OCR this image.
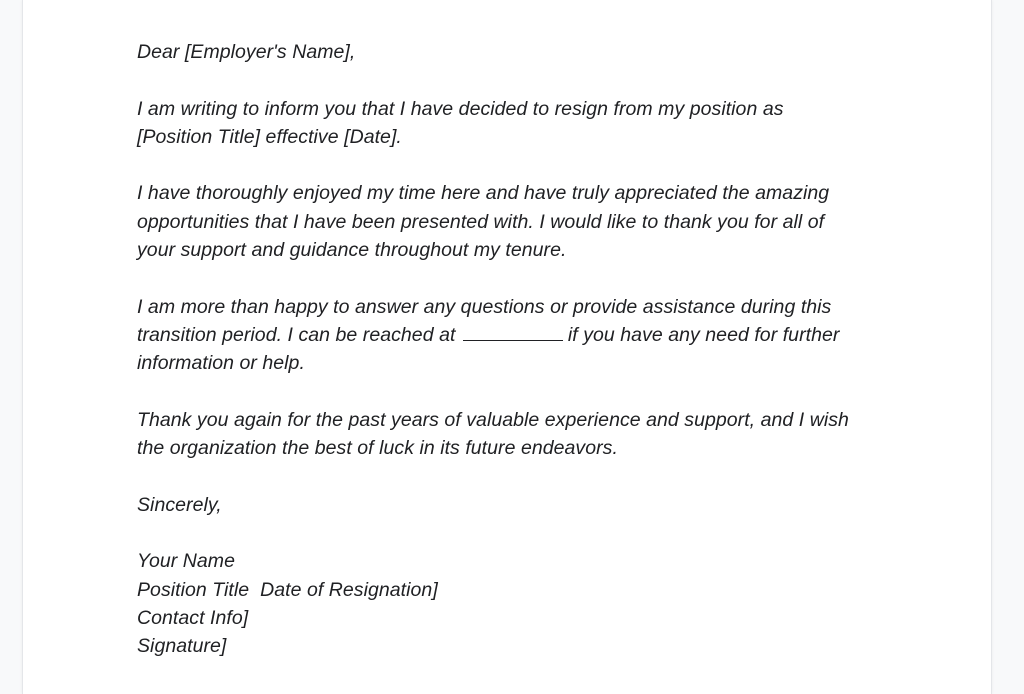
Dear [Employer's Name],

I am writing to inform you that I have decided to resign from my position as
[Position Title] effective [Date].

I have thoroughly enjoyed my time here and have truly appreciated the amazing
opportunities that I have been presented with. I would like to thank you for all of
your support and guidance throughout my tenure.

I am more than happy to answer any questions or provide assistance during this
transition period. I can be reached at	if you have any need for further
information or help.

Thank you again for the past years of valuable experience and support, and I wish
the organization the best of luck in its future endeavors.

Sincerely,

Your Name
Position Title  Date of Resignation]
Contact Info]
Signature]
